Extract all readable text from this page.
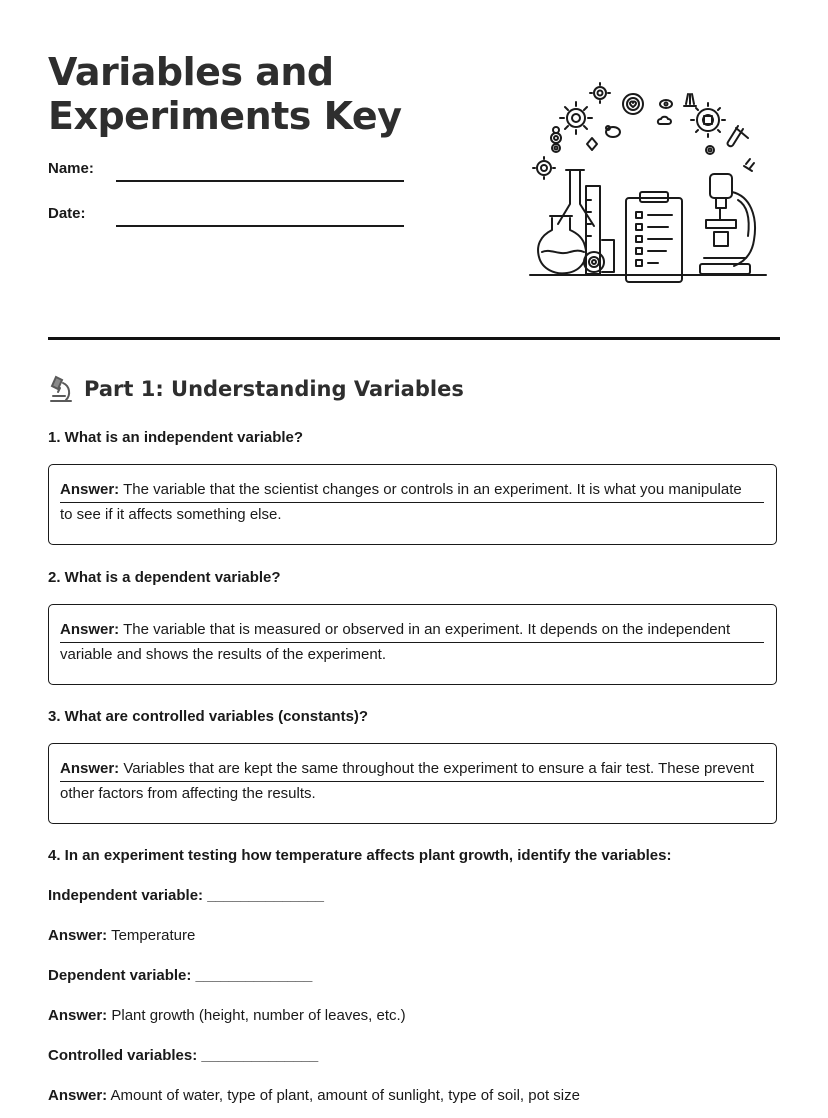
Variables and
Experiments Key
Name:
Date:
Part 1: Understanding Variables
1. What is an independent variable?
Answer: The variable that the scientist changes or controls in an experiment. It is what you manipulate
to see if it affects something else.
2. What is a dependent variable?
Answer: The variable that is measured or observed in an experiment. It depends on the independent
variable and shows the results of the experiment.
3. What are controlled variables (constants)?
Answer: Variables that are kept the same throughout the experiment to ensure a fair test. These prevent
other factors from affecting the results.
4. In an experiment testing how temperature affects plant growth, identify the variables:
Independent variable: ______________
Answer: Temperature
Dependent variable: ______________
Answer: Plant growth (height, number of leaves, etc.)
Controlled variables: ______________
Answer: Amount of water, type of plant, amount of sunlight, type of soil, pot size
